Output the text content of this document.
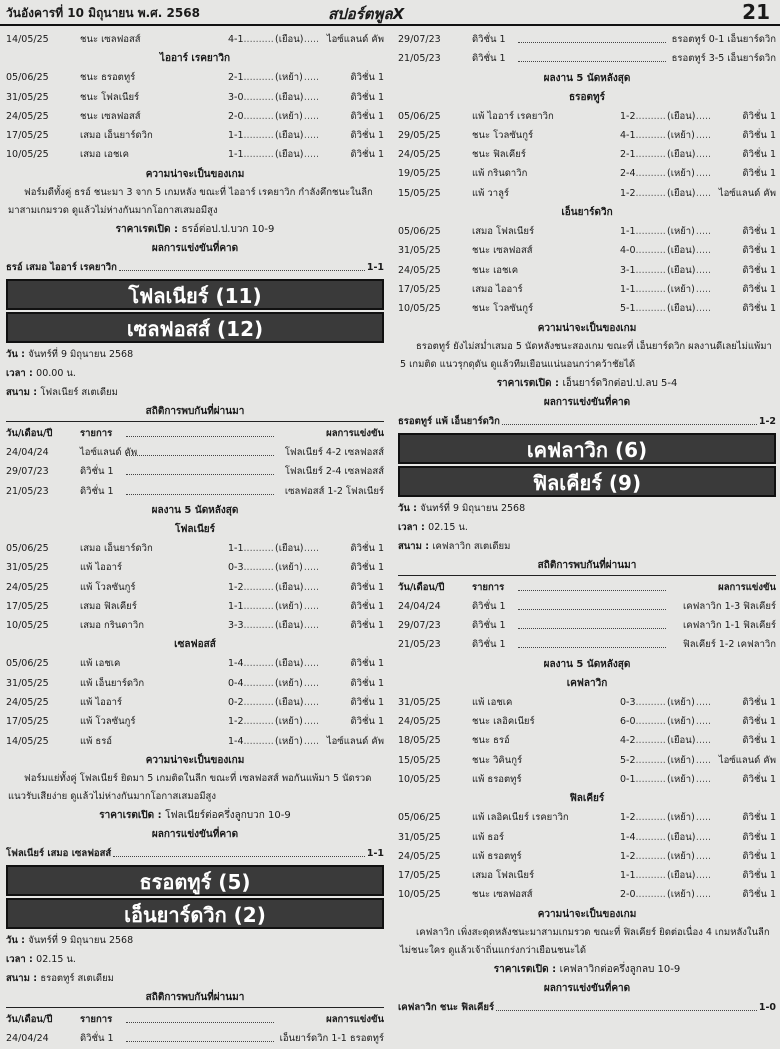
วันอังคารที่ 10 มิถุนายน พ.ศ. 2568	สปอร์ตพูลX	21
14/05/25	ชนะ เซลฟอสส์	4-1 .....	(เยือน) ไอซ์แลนด์ คัพ
ไออาร์ เรคยาวิก
05/06/25	ชนะ ธรอตทูร์	2-1 .....	(เหย้า)	ดิวิชั่น 1
31/05/25	ชนะ โฟลเนียร์	3-0 .....	(เยือน)	ดิวิชั่น 1
24/05/25	ชนะ เซลฟอสส์	2-0 .....	(เหย้า)	ดิวิชั่น 1
17/05/25	เสมอ เอ็นยาร์ดวิก	1-1 .....	(เยือน)	ดิวิชั่น 1
10/05/25	เสมอ เอชเค	1-1 .....	(เยือน)	ดิวิชั่น 1
ความน่าจะเป็นของเกม
ฟอร์มดีทั้งคู่ ธรอ์ ชนะมา 3 จาก 5 เกมหลัง ขณะที่ ไออาร์ เรคยาวิก กำลังคึกชนะในลีกมาสามเกมรวด ดูแล้วไม่ห่างกันมากโอกาสเสมอมีสูง
ราคาเรตเปิด : ธรอ์ต่อป.ป.บวก 10-9
ผลการแข่งขันที่คาด
ธรอ์ เสมอ ไออาร์ เรคยาวิก	1-1
โฟลเนียร์ (11)
เซลฟอสส์ (12)
วัน : จันทร์ที่ 9 มิถุนายน 2568
เวลา : 00.00 น.
สนาม : โฟลเนียร์ สเตเดียม
สถิติการพบกันที่ผ่านมา
วัน/เดือน/ปี	รายการ	ผลการแข่งขัน
24/04/24	ไอซ์แลนด์ คัพ	โฟลเนียร์ 4-2 เซลฟอสส์
29/07/23	ดิวิชั่น 1	โฟลเนียร์ 2-4 เซลฟอสส์
21/05/23	ดิวิชั่น 1	เซลฟอสส์ 1-2 โฟลเนียร์
ผลงาน 5 นัดหลังสุด
โฟลเนียร์
05/06/25	เสมอ เอ็นยาร์ดวิก	1-1 .....	(เยือน)	ดิวิชั่น 1
31/05/25	แพ้ ไออาร์	0-3 .....	(เหย้า)	ดิวิชั่น 1
24/05/25	แพ้ โวลซันกูร์	1-2 .....	(เยือน)	ดิวิชั่น 1
17/05/25	เสมอ ฟิลเคียร์	1-1 .....	(เหย้า)	ดิวิชั่น 1
10/05/25	เสมอ กรินดาวิก	3-3 .....	(เยือน)	ดิวิชั่น 1
เซลฟอสส์
05/06/25	แพ้ เอชเค	1-4 .....	(เยือน)	ดิวิชั่น 1
31/05/25	แพ้ เอ็นยาร์ดวิก	0-4 .....	(เหย้า)	ดิวิชั่น 1
24/05/25	แพ้ ไออาร์	0-2 .....	(เยือน)	ดิวิชั่น 1
17/05/25	แพ้ โวลซันกูร์	1-2 .....	(เหย้า)	ดิวิชั่น 1
14/05/25	แพ้ ธรอ์	1-4 .....	(เหย้า)	ไอซ์แลนด์ คัพ
ความน่าจะเป็นของเกม
ฟอร์มแย่ทั้งคู่ โฟลเนียร์ ยิดมา 5 เกมติดในลีก ขณะที่ เซลฟอสส์ พอกันแพ้มา 5 นัดรวดแนวรับเสียง่าย ดูแล้วไม่ห่างกันมากโอกาสเสมอมีสูง
ราคาเรตเปิด : โฟลเนียร์ต่อครึ่งลูกบวก 10-9
ผลการแข่งขันที่คาด
โฟลเนียร์ เสมอ เซลฟอสส์	1-1
ธรอตทูร์ (5)
เอ็นยาร์ดวิก (2)
วัน : จันทร์ที่ 9 มิถุนายน 2568
เวลา : 02.15 น.
สนาม : ธรอตทูร์ สเตเดียม
สถิติการพบกันที่ผ่านมา
วัน/เดือน/ปี	รายการ	ผลการแข่งขัน
24/04/24	ดิวิชั่น 1	เอ็นยาร์ดวิก 1-1 ธรอตทูร์
29/07/23	ดิวิชั่น 1	ธรอตทูร์ 0-1 เอ็นยาร์ดวิก
21/05/23	ดิวิชั่น 1	ธรอตทูร์ 3-5 เอ็นยาร์ดวิก
ผลงาน 5 นัดหลังสุด
ธรอตทูร์
05/06/25	แพ้ ไออาร์ เรคยาวิก	1-2 .....	(เยือน)	ดิวิชั่น 1
29/05/25	ชนะ โวลซันกูร์	4-1 .....	(เหย้า)	ดิวิชั่น 1
24/05/25	ชนะ ฟิลเคียร์	2-1 .....	(เยือน)	ดิวิชั่น 1
19/05/25	แพ้ กรินดาวิก	2-4 .....	(เหย้า)	ดิวิชั่น 1
15/05/25	แพ้ วาลูร์	1-2 .....	(เยือน) ไอซ์แลนด์ คัพ
เอ็นยาร์ดวิก
05/06/25	เสมอ โฟลเนียร์	1-1 .....	(เหย้า)	ดิวิชั่น 1
31/05/25	ชนะ เซลฟอสส์	4-0 .....	(เยือน)	ดิวิชั่น 1
24/05/25	ชนะ เอชเค	3-1 .....	(เยือน)	ดิวิชั่น 1
17/05/25	เสมอ ไออาร์	1-1 .....	(เหย้า)	ดิวิชั่น 1
10/05/25	ชนะ โวลซันกูร์	5-1 .....	(เยือน)	ดิวิชั่น 1
ความน่าจะเป็นของเกม
ธรอตทูร์ ยังไม่สม่ำเสมอ 5 นัดหลังชนะสองเกม ขณะที่ เอ็นยาร์ดวิก ผลงานดีเลยไม่แพ้มา 5 เกมติด แนวรุกดุดัน ดูแล้วทีมเยือนแน่นอนกว่าคว้าชัยได้
ราคาเรตเปิด : เอ็นยาร์ดวิกต่อป.ป.ลบ 5-4
ผลการแข่งขันที่คาด
ธรอตทูร์ แพ้ เอ็นยาร์ดวิก	1-2
เคฟลาวิก (6)
ฟิลเคียร์ (9)
วัน : จันทร์ที่ 9 มิถุนายน 2568
เวลา : 02.15 น.
สนาม : เคฟลาวิก สเตเดียม
สถิติการพบกันที่ผ่านมา
วัน/เดือน/ปี	รายการ	ผลการแข่งขัน
24/04/24	ดิวิชั่น 1	เคฟลาวิก 1-3 ฟิลเคียร์
29/07/23	ดิวิชั่น 1	เคฟลาวิก 1-1 ฟิลเคียร์
21/05/23	ดิวิชั่น 1	ฟิลเคียร์ 1-2 เคฟลาวิก
ผลงาน 5 นัดหลังสุด
เคฟลาวิก
31/05/25	แพ้ เอชเค	0-3 .....	(เหย้า)	ดิวิชั่น 1
24/05/25	ชนะ เลอิคเนียร์	6-0 .....	(เหย้า)	ดิวิชั่น 1
18/05/25	ชนะ ธรอ์	4-2 .....	(เยือน)	ดิวิชั่น 1
15/05/25	ชนะ วิคินกูร์	5-2 .....	(เหย้า)	ไอซ์แลนด์ คัพ
10/05/25	แพ้ ธรอตทูร์	0-1 .....	(เหย้า)	ดิวิชั่น 1
ฟิลเคียร์
05/06/25	แพ้ เลอิคเนียร์ เรคยาวิก	1-2 .....	(เหย้า)	ดิวิชั่น 1
31/05/25	แพ้ ธอร์	1-4 .....	(เยือน)	ดิวิชั่น 1
24/05/25	แพ้ ธรอตทูร์	1-2 .....	(เหย้า)	ดิวิชั่น 1
17/05/25	เสมอ โฟลเนียร์	1-1 .....	(เยือน)	ดิวิชั่น 1
10/05/25	ชนะ เซลฟอสส์	2-0 .....	(เหย้า)	ดิวิชั่น 1
ความน่าจะเป็นของเกม
เคฟลาวิก เพิ่งสะดุดหลังชนะมาสามเกมรวด ขณะที่ ฟิลเคียร์ ยิดต่อเนื่อง 4 เกมหลังในลีกไม่ชนะใคร ดูแล้วเจ้าถิ่นแกร่งกว่าเยือนชนะได้
ราคาเรตเปิด : เคฟลาวิกต่อครึ่งลูกลบ 10-9
ผลการแข่งขันที่คาด
เคฟลาวิก ชนะ ฟิลเคียร์	1-0
